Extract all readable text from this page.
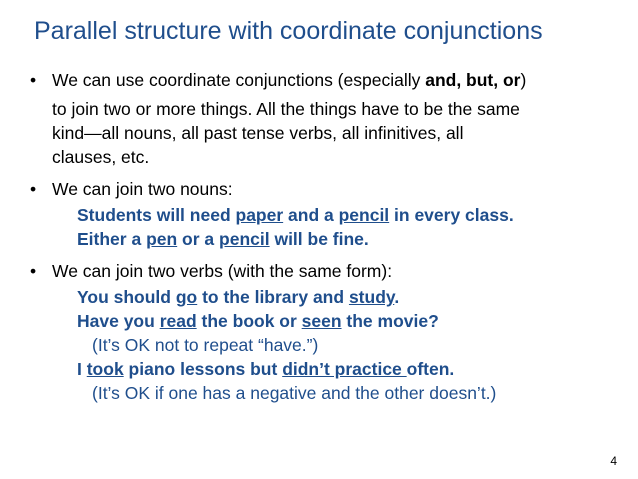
Parallel structure with coordinate conjunctions
• We can use coordinate conjunctions (especially and, but, or)
to join two or more things. All the things have to be the same
kind—all nouns, all past tense verbs, all infinitives, all
clauses, etc.
• We can join two nouns:
Students will need paper and a pencil in every class.
Either a pen or a pencil will be fine.
• We can join two verbs (with the same form):
You should go to the library and study.
Have you read the book or seen the movie?
(It’s OK not to repeat “have.”)
I took piano lessons but didn’t practice often.
(It’s OK if one has a negative and the other doesn’t.)
4
